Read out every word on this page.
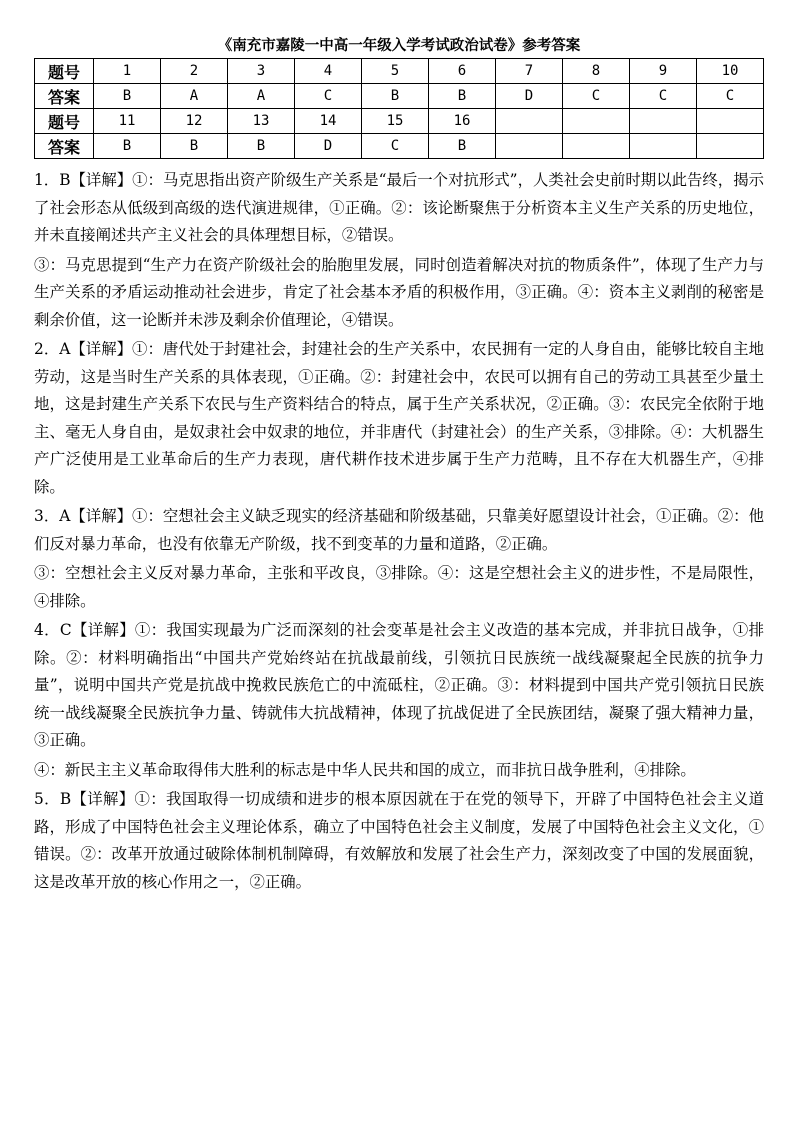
《南充市嘉陵一中高一年级入学考试政治试卷》参考答案
题号	1	2	3	4	5	6	7	8	9	10
答案	B	A	A	C	B	B	D	C	C	C
题号	11	12	13	14	15	16				
答案	B	B	B	D	C	B				

1．B【详解】①：马克思指出资产阶级生产关系是“最后一个对抗形式”，人类社会史前时期以此告终，揭示了社会形态从低级到高级的迭代演进规律，①正确。②：该论断聚焦于分析资本主义生产关系的历史地位，并未直接阐述共产主义社会的具体理想目标，②错误。

③：马克思提到“生产力在资产阶级社会的胎胞里发展，同时创造着解决对抗的物质条件”，体现了生产力与生产关系的矛盾运动推动社会进步，肯定了社会基本矛盾的积极作用，③正确。④：资本主义剥削的秘密是剩余价值，这一论断并未涉及剩余价值理论，④错误。

2．A【详解】①：唐代处于封建社会，封建社会的生产关系中，农民拥有一定的人身自由，能够比较自主地劳动，这是当时生产关系的具体表现，①正确。②：封建社会中，农民可以拥有自己的劳动工具甚至少量土地，这是封建生产关系下农民与生产资料结合的特点，属于生产关系状况，②正确。③：农民完全依附于地主、毫无人身自由，是奴隶社会中奴隶的地位，并非唐代（封建社会）的生产关系，③排除。④：大机器生产广泛使用是工业革命后的生产力表现，唐代耕作技术进步属于生产力范畴，且不存在大机器生产，④排除。

3．A【详解】①：空想社会主义缺乏现实的经济基础和阶级基础，只靠美好愿望设计社会，①正确。②：他们反对暴力革命，也没有依靠无产阶级，找不到变革的力量和道路，②正确。

③：空想社会主义反对暴力革命，主张和平改良，③排除。④：这是空想社会主义的进步性，不是局限性，④排除。

4．C【详解】①：我国实现最为广泛而深刻的社会变革是社会主义改造的基本完成，并非抗日战争，①排除。②：材料明确指出“中国共产党始终站在抗战最前线，引领抗日民族统一战线凝聚起全民族的抗争力量”，说明中国共产党是抗战中挽救民族危亡的中流砥柱，②正确。③：材料提到中国共产党引领抗日民族统一战线凝聚全民族抗争力量、铸就伟大抗战精神，体现了抗战促进了全民族团结，凝聚了强大精神力量，③正确。

④：新民主主义革命取得伟大胜利的标志是中华人民共和国的成立，而非抗日战争胜利，④排除。

5．B【详解】①：我国取得一切成绩和进步的根本原因就在于在党的领导下，开辟了中国特色社会主义道路，形成了中国特色社会主义理论体系，确立了中国特色社会主义制度，发展了中国特色社会主义文化，①错误。②：改革开放通过破除体制机制障碍，有效解放和发展了社会生产力，深刻改变了中国的发展面貌，这是改革开放的核心作用之一，②正确。
